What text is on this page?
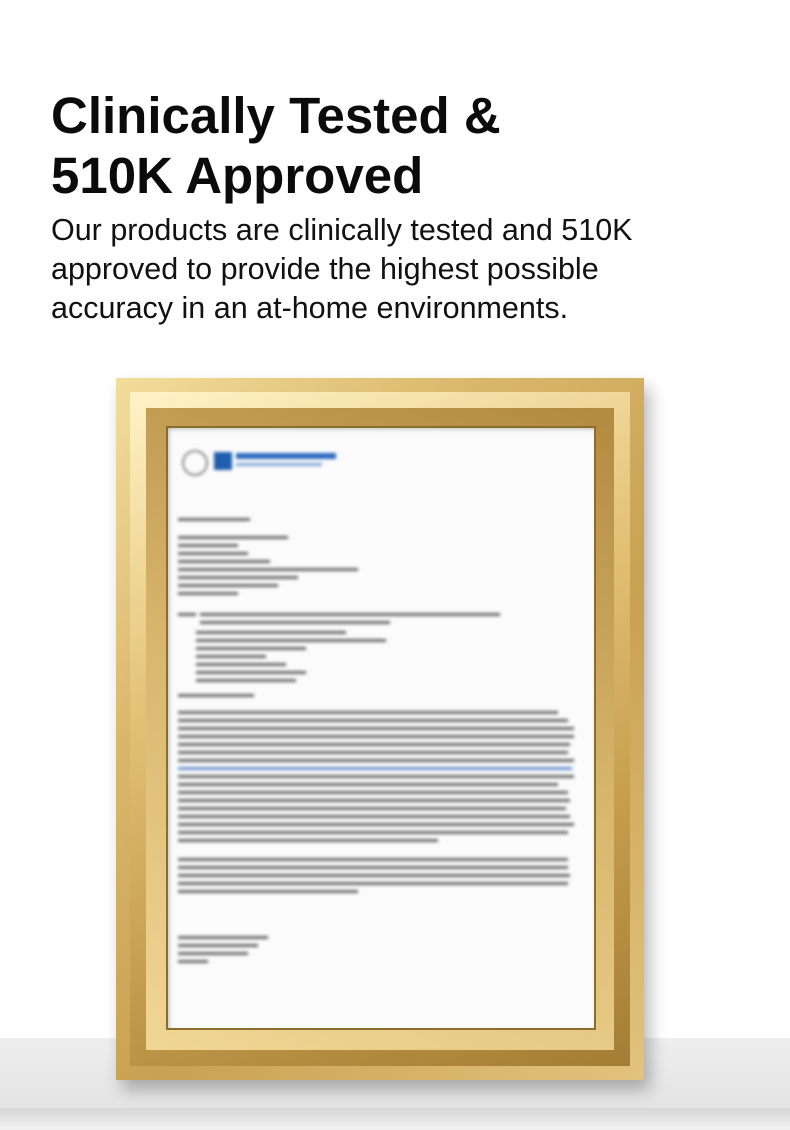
Clinically Tested &
510K Approved

Our products are clinically tested and 510K
approved to provide the highest possible
accuracy in an at-home environments.
